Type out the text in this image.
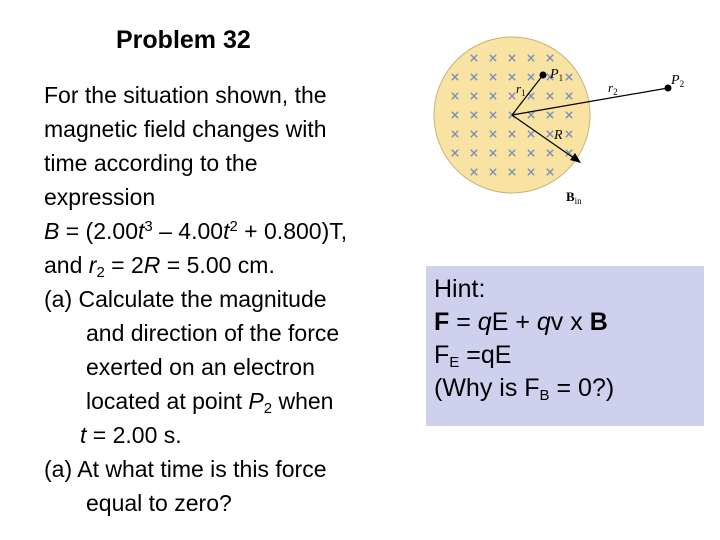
Problem 32
For the situation shown, the
magnetic field changes with
time according to the
expression
$B = (2.00t^3 - 4.00t^2 + 0.800)T$,
and $r_2 = 2R = 5.00$ cm.
(a) Calculate the magnitude
and direction of the force
exerted on an electron
located at point $P_2$ when
t = 2.00 s.
(a) At what time is this force
equal to zero?
Hint:
F = qE + qv x B
$F_E =qE$
(Why is $F_B$ = 0?)
$P_1$	$P_2$
$r_1$	$r_2$
R
$B_{in}$
